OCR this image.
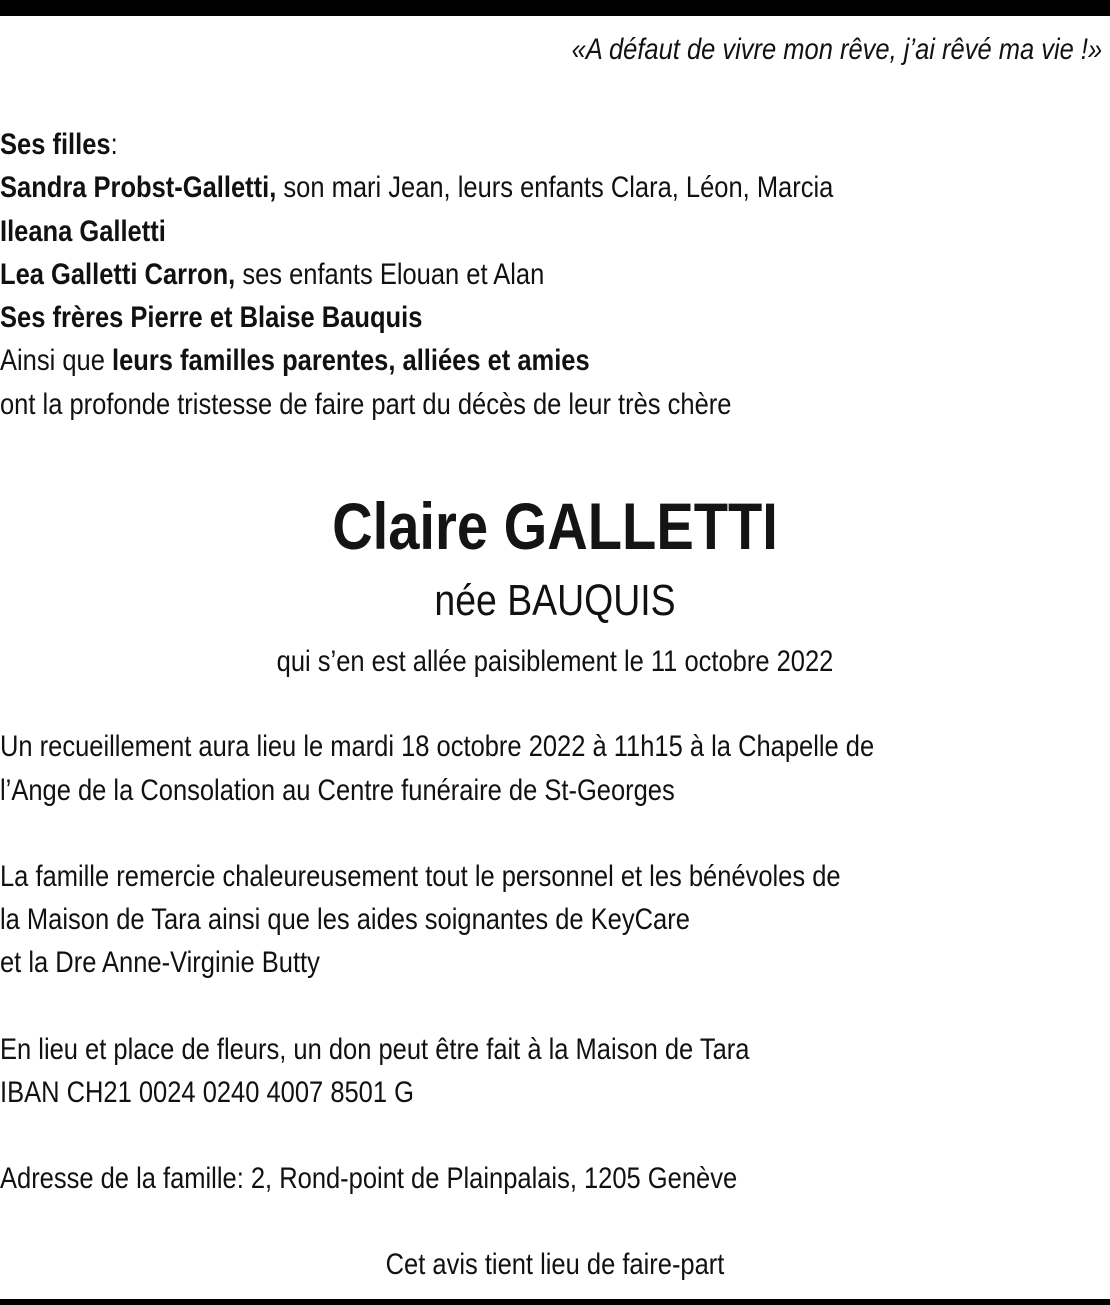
«A défaut de vivre mon rêve, j’ai rêvé ma vie !»
Ses filles:
Sandra Probst-Galletti, son mari Jean, leurs enfants Clara, Léon, Marcia
Ileana Galletti
Lea Galletti Carron, ses enfants Elouan et Alan
Ses frères Pierre et Blaise Bauquis
Ainsi que leurs familles parentes, alliées et amies
ont la profonde tristesse de faire part du décès de leur très chère
Claire GALLETTI
née BAUQUIS
qui s’en est allée paisiblement le 11 octobre 2022
Un recueillement aura lieu le mardi 18 octobre 2022 à 11h15 à la Chapelle de
l’Ange de la Consolation au Centre funéraire de St-Georges
La famille remercie chaleureusement tout le personnel et les bénévoles de
la Maison de Tara ainsi que les aides soignantes de KeyCare
et la Dre Anne-Virginie Butty
En lieu et place de fleurs, un don peut être fait à la Maison de Tara
IBAN CH21 0024 0240 4007 8501 G
Adresse de la famille: 2, Rond-point de Plainpalais, 1205 Genève
Cet avis tient lieu de faire-part
